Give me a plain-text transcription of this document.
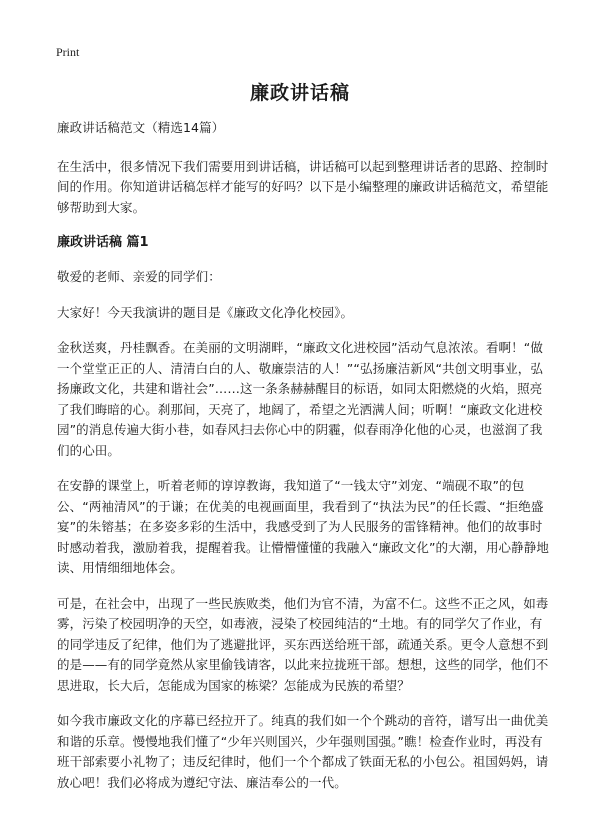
Print
廉政讲话稿

廉政讲话稿范文（精选14篇）

在生活中，很多情况下我们需要用到讲话稿，讲话稿可以起到整理讲话者的思路、控制时间的作用。你知道讲话稿怎样才能写的好吗？以下是小编整理的廉政讲话稿范文，希望能够帮助到大家。

廉政讲话稿 篇1

敬爱的老师、亲爱的同学们：

大家好！今天我演讲的题目是《廉政文化净化校园》。

金秋送爽，丹桂飘香。在美丽的文明湖畔，“廉政文化进校园”活动气息浓浓。看啊！“做一个堂堂正正的人、清清白白的人、敬廉崇洁的人！”“弘扬廉洁新风“共创文明事业，弘扬廉政文化，共建和谐社会”……这一条条赫赫醒目的标语，如同太阳燃烧的火焰，照亮了我们晦暗的心。刹那间，天亮了，地阔了，希望之光洒满人间；听啊！“廉政文化进校园”的消息传遍大街小巷，如春风扫去你心中的阴霾，似春雨净化他的心灵，也滋润了我们的心田。

在安静的课堂上，听着老师的谆谆教诲，我知道了“一钱太守”刘宠、“端砚不取”的包公、“两袖清风”的于谦；在优美的电视画面里，我看到了“执法为民”的任长霞、“拒绝盛宴”的朱镕基；在多姿多彩的生活中，我感受到了为人民服务的雷锋精神。他们的故事时时感动着我，激励着我，提醒着我。让懵懵懂懂的我融入“廉政文化”的大潮，用心静静地读、用情细细地体会。

可是，在社会中，出现了一些民族败类，他们为官不清，为富不仁。这些不正之风，如毒雾，污染了校园明净的天空，如毒液，浸染了校园纯洁的“土地。有的同学欠了作业，有的同学违反了纪律，他们为了逃避批评，买东西送给班干部，疏通关系。更令人意想不到的是——有的同学竟然从家里偷钱请客，以此来拉拢班干部。想想，这些的同学，他们不思进取，长大后，怎能成为国家的栋梁？怎能成为民族的希望？

如今我市廉政文化的序幕已经拉开了。纯真的我们如一个个跳动的音符，谱写出一曲优美和谐的乐章。慢慢地我们懂了“少年兴则国兴，少年强则国强。”瞧！检查作业时，再没有班干部索要小礼物了；违反纪律时，他们一个个都成了铁面无私的小包公。祖国妈妈，请放心吧！我们必将成为遵纪守法、廉洁奉公的一代。
